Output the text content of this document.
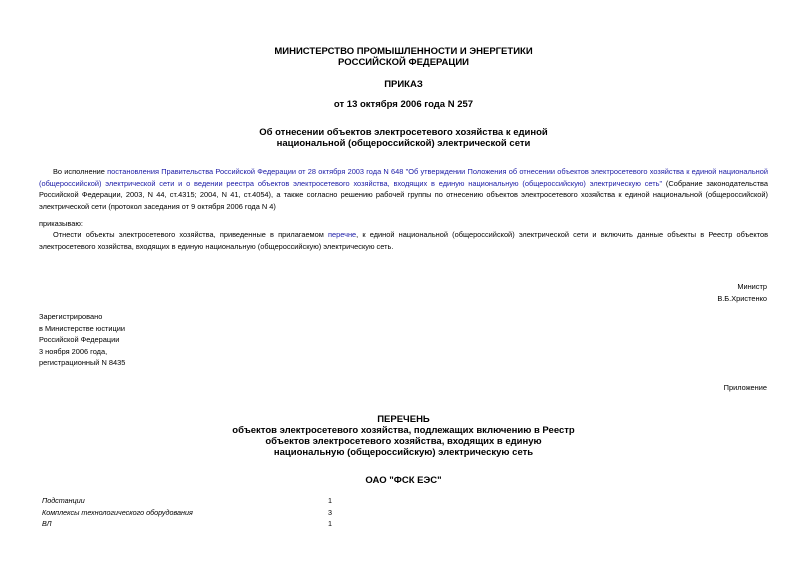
МИНИСТЕРСТВО ПРОМЫШЛЕННОСТИ И ЭНЕРГЕТИКИ
РОССИЙСКОЙ ФЕДЕРАЦИИ
ПРИКАЗ
от 13 октября 2006 года N 257
Об отнесении объектов электросетевого хозяйства к единой
национальной (общероссийской) электрической сети
Во исполнение постановления Правительства Российской Федерации от 28 октября 2003 года N 648 "Об утверждении Положения об отнесении объектов электросетевого хозяйства к единой национальной (общероссийской) электрической сети и о ведении реестра объектов электросетевого хозяйства, входящих в единую национальную (общероссийскую) электрическую сеть" (Собрание законодательства Российской Федерации, 2003, N 44, ст.4315; 2004, N 41, ст.4054), а также согласно решению рабочей группы по отнесению объектов электросетевого хозяйства к единой национальной (общероссийской) электрической сети (протокол заседания от 9 октября 2006 года N 4)
приказываю:
Отнести объекты электросетевого хозяйства, приведенные в прилагаемом перечне, к единой национальной (общероссийской) электрической сети и включить данные объекты в Реестр объектов электросетевого хозяйства, входящих в единую национальную (общероссийскую) электрическую сеть.
Министр
В.Б.Христенко
Зарегистрировано
в Министерстве юстиции
Российской Федерации
3 ноября 2006 года,
регистрационный N 8435
Приложение
ПЕРЕЧЕНЬ
объектов электросетевого хозяйства, подлежащих включению в Реестр
объектов электросетевого хозяйства, входящих в единую
национальную (общероссийскую) электрическую сеть
ОАО "ФСК ЕЭС"
Подстанции	1
Комплексы технологического оборудования	3
ВЛ	1
